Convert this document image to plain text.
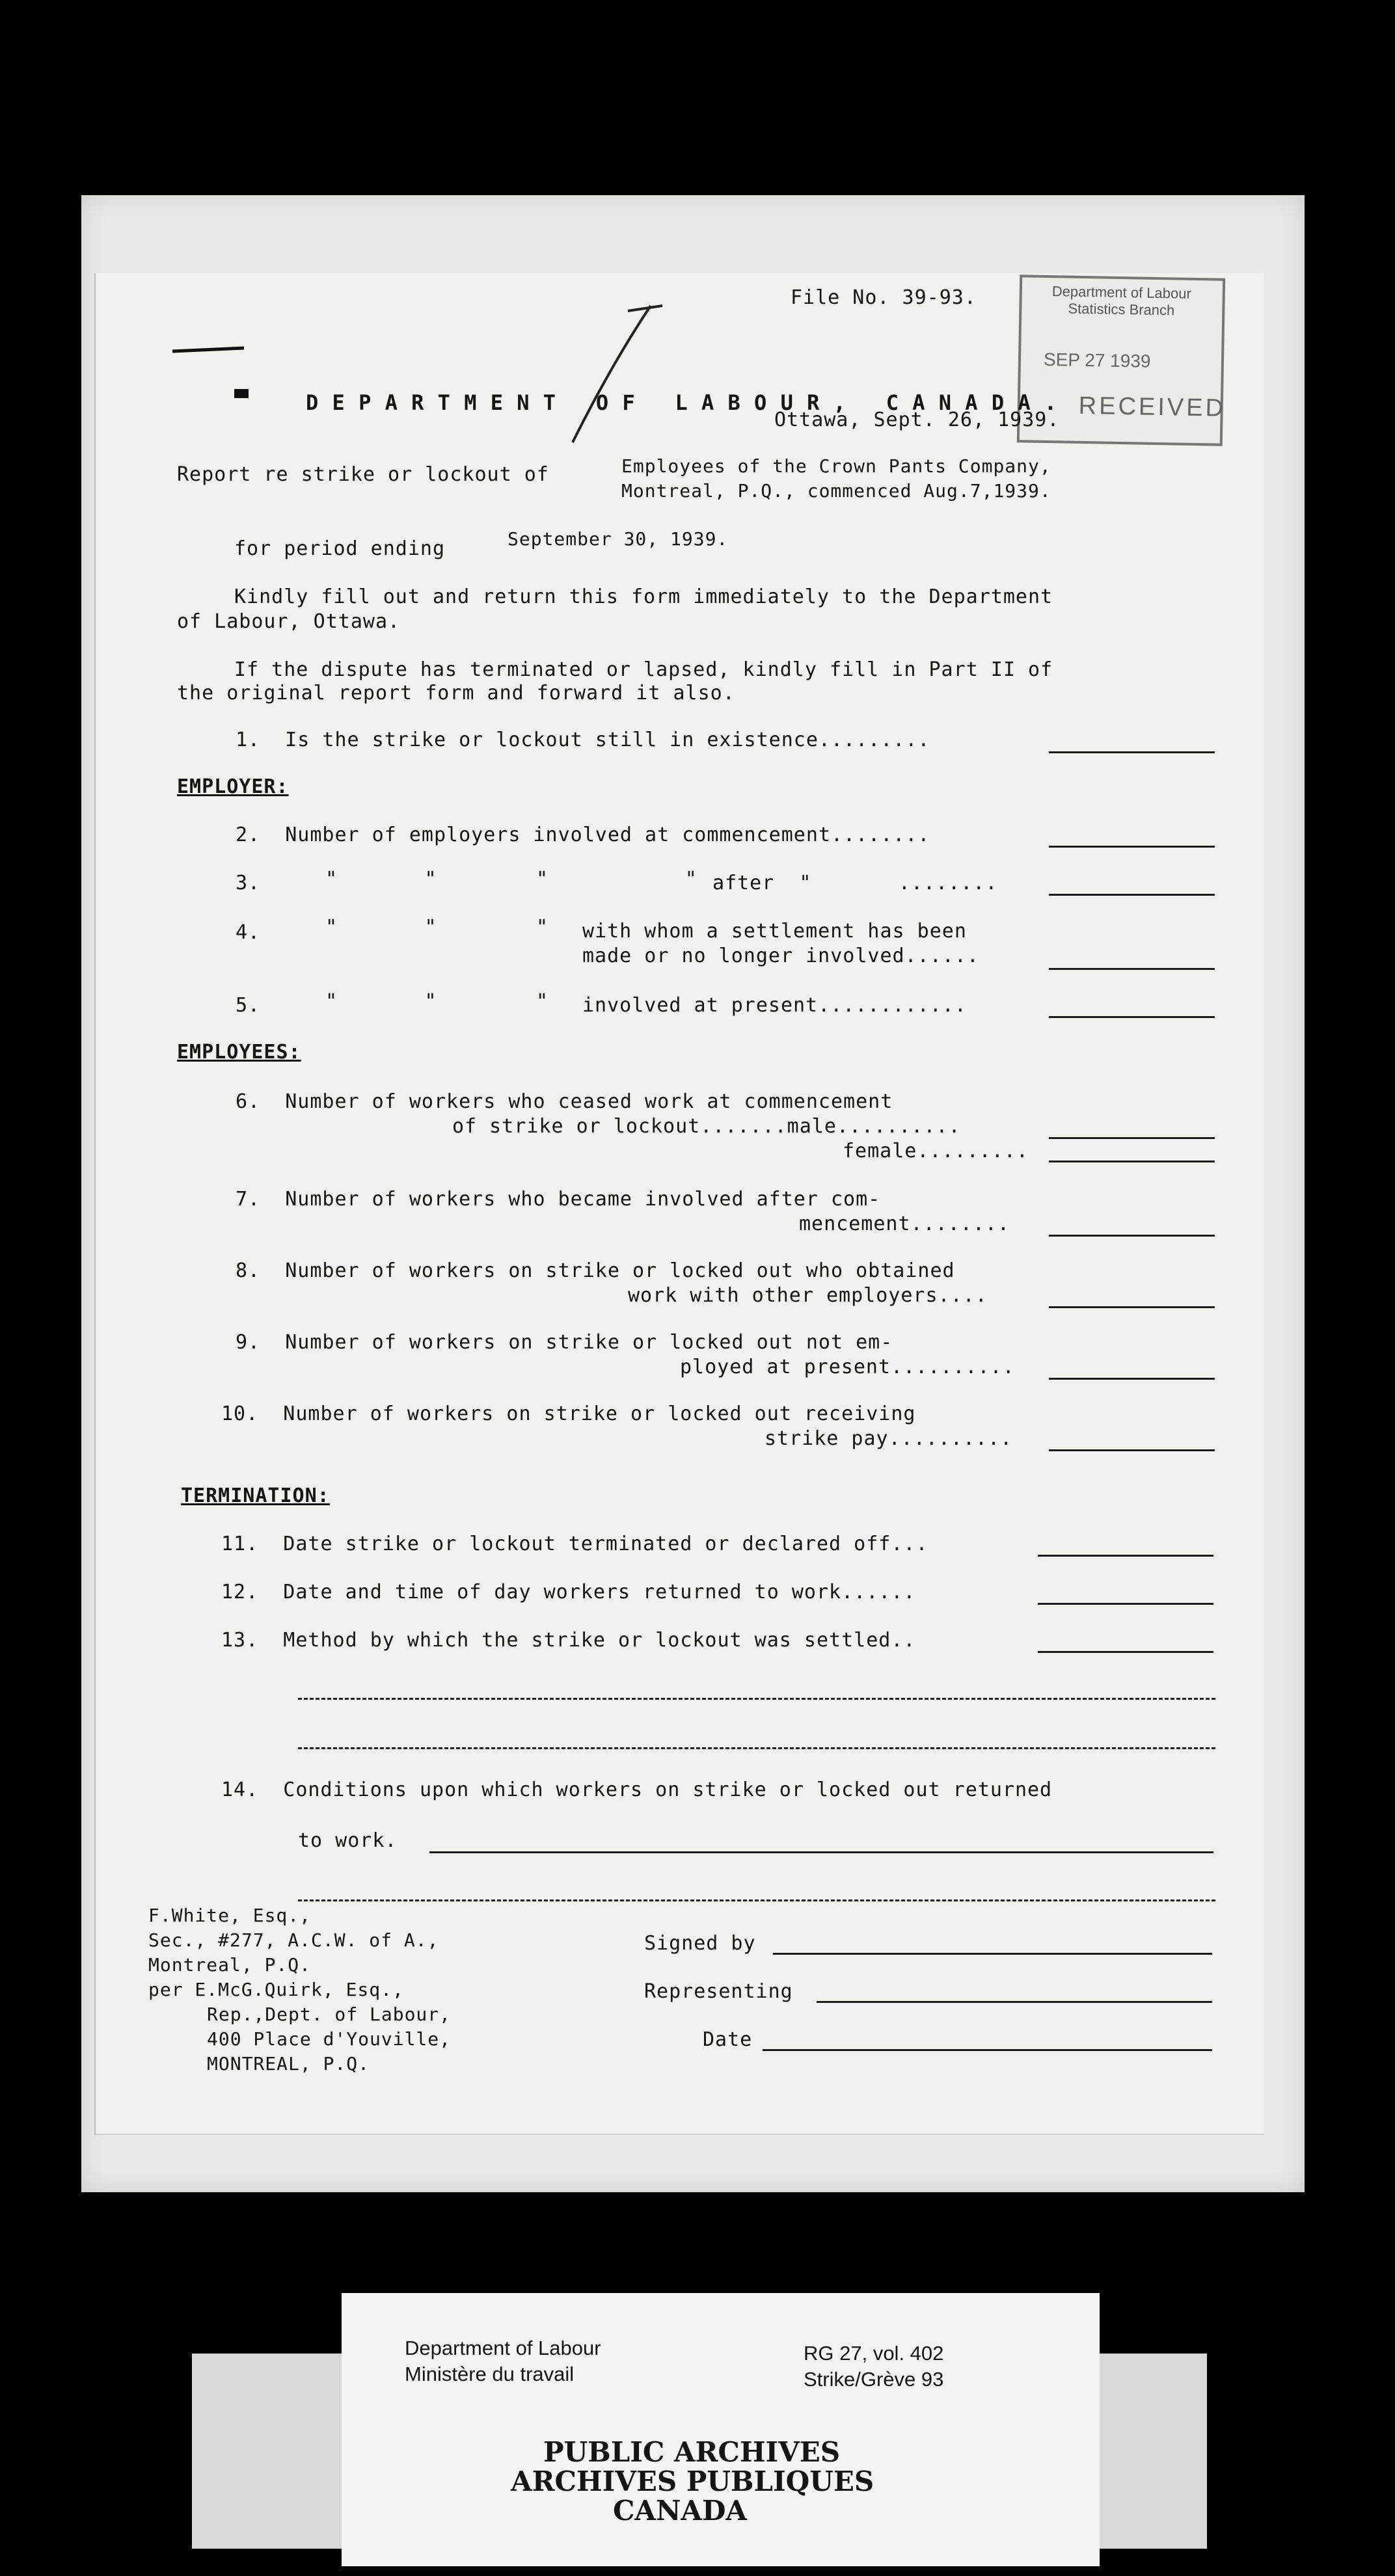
File No. 39-93.	Department of Labour
Statistics Branch
SEP 27 1939
RECEIVED
D E P A R T M E N T   O F   L A B O U R ,   C A N A D A .
Ottawa, Sept. 26, 1939.
Report re strike or lockout of	Employees of the Crown Pants Company,
Montreal, P.Q., commenced Aug.7,1939.
for period ending	September 30, 1939.
Kindly fill out and return this form immediately to the Department
of Labour, Ottawa.
If the dispute has terminated or lapsed, kindly fill in Part II of
the original report form and forward it also.
1.  Is the strike or lockout still in existence.........
EMPLOYER:
2.  Number of employers involved at commencement........
3.	"       "        "           " after  "       ........
4.	"       "        " with whom a settlement has been
made or no longer involved......
5.	"       "        " involved at present............
EMPLOYEES:
6.  Number of workers who ceased work at commencement
of strike or lockout.......male..........
female.........
7.  Number of workers who became involved after com-
mencement........
8.  Number of workers on strike or locked out who obtained
work with other employers....
9.  Number of workers on strike or locked out not em-
ployed at present..........
10.  Number of workers on strike or locked out receiving
strike pay..........
TERMINATION:
11.  Date strike or lockout terminated or declared off...
12.  Date and time of day workers returned to work......
13.  Method by which the strike or lockout was settled..
14.  Conditions upon which workers on strike or locked out returned
to work.
F.White, Esq.,
Sec., #277, A.C.W. of A.,
Montreal, P.Q.
per E.McG.Quirk, Esq.,
Rep.,Dept. of Labour,
400 Place d'Youville,
MONTREAL, P.Q.
Signed by
Representing
Date
Department of Labour
Ministère du travail
RG 27, vol. 402
Strike/Grève 93
PUBLIC ARCHIVES
ARCHIVES PUBLIQUES
CANADA
